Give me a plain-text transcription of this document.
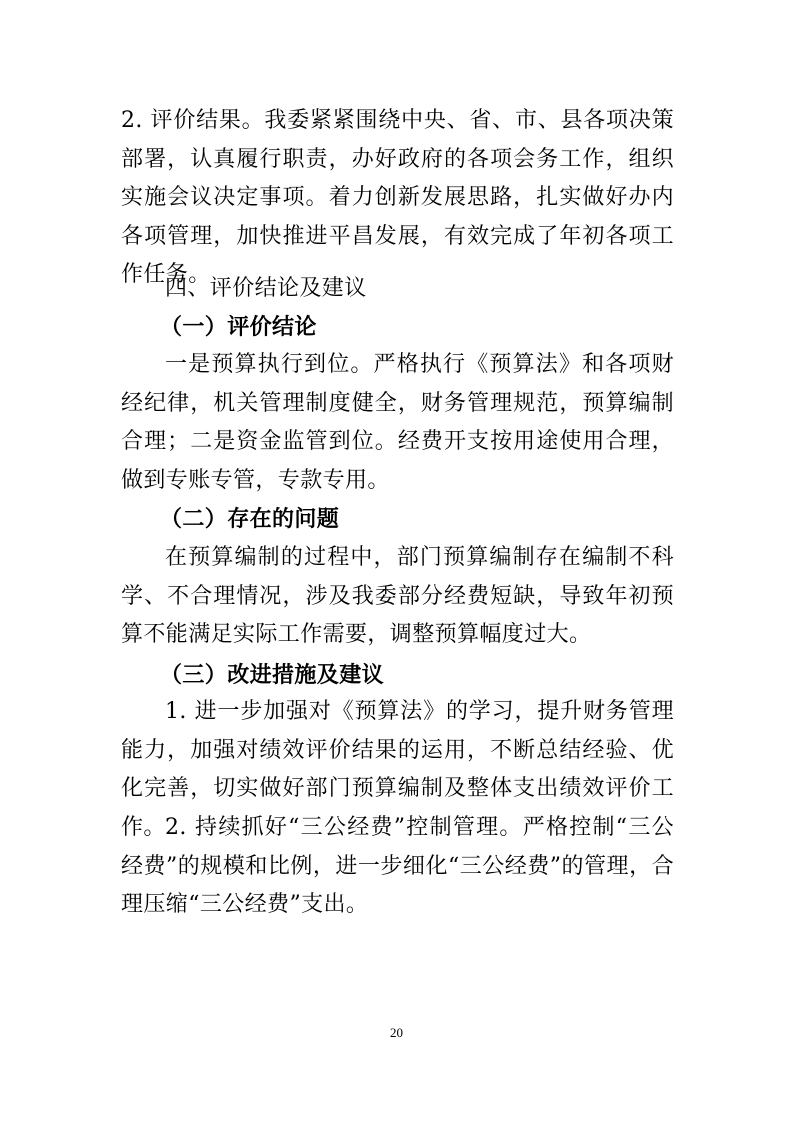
2. 评价结果。我委紧紧围绕中央、省、市、县各项决策部署，认真履行职责，办好政府的各项会务工作，组织实施会议决定事项。着力创新发展思路，扎实做好办内各项管理，加快推进平昌发展，有效完成了年初各项工作任务。

四、评价结论及建议

（一）评价结论

一是预算执行到位。严格执行《预算法》和各项财经纪律，机关管理制度健全，财务管理规范，预算编制合理；二是资金监管到位。经费开支按用途使用合理，做到专账专管，专款专用。

（二）存在的问题

在预算编制的过程中，部门预算编制存在编制不科学、不合理情况，涉及我委部分经费短缺，导致年初预算不能满足实际工作需要，调整预算幅度过大。

（三）改进措施及建议

1. 进一步加强对《预算法》的学习，提升财务管理能力，加强对绩效评价结果的运用，不断总结经验、优化完善，切实做好部门预算编制及整体支出绩效评价工作。 2. 持续抓好“三公经费”控制管理。严格控制“三公经费”的规模和比例，进一步细化“三公经费”的管理，合理压缩“三公经费”支出。

20
